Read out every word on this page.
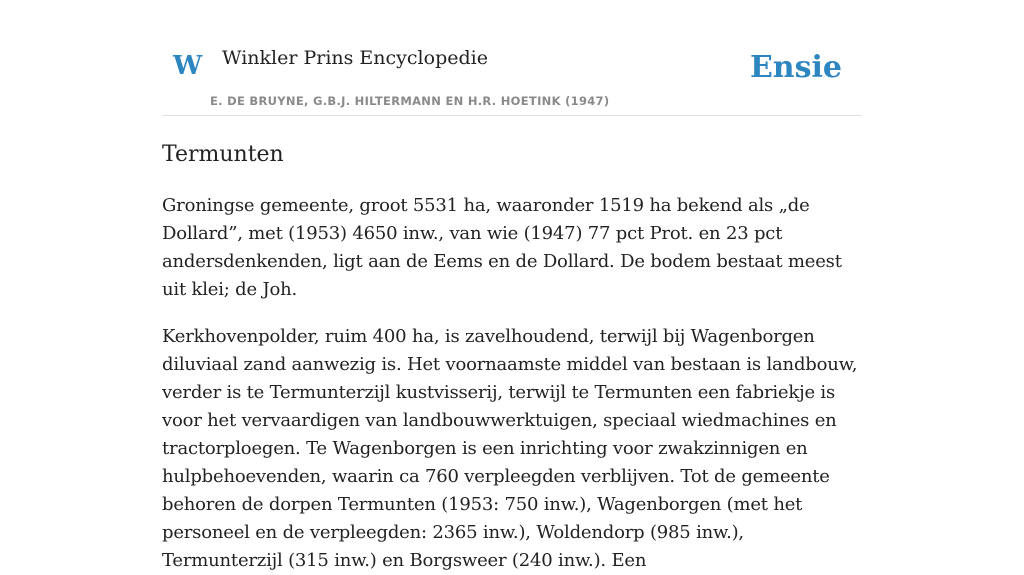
W Winkler Prins Encyclopedie	Ensie
E. DE BRUYNE, G.B.J. HILTERMANN EN H.R. HOETINK (1947)
Termunten

Groningse gemeente, groot 5531 ha, waaronder 1519 ha bekend als „de Dollard”, met (1953) 4650 inw., van wie (1947) 77 pct Prot. en 23 pct andersdenkenden, ligt aan de Eems en de Dollard. De bodem bestaat meest uit klei; de Joh.

Kerkhovenpolder, ruim 400 ha, is zavelhoudend, terwijl bij Wagenborgen diluviaal zand aanwezig is. Het voornaamste middel van bestaan is landbouw, verder is te Termunterzijl kustvisserij, terwijl te Termunten een fabriekje is voor het vervaardigen van landbouwwerktuigen, speciaal wiedmachines en tractorploegen. Te Wagenborgen is een inrichting voor zwakzinnigen en hulpbehoevenden, waarin ca 760 verpleegden verblijven. Tot de gemeente behoren de dorpen Termunten (1953: 750 inw.), Wagenborgen (met het personeel en de verpleegden: 2365 inw.), Woldendorp (985 inw.), Termunterzijl (315 inw.) en Borgsweer (240 inw.). Een
